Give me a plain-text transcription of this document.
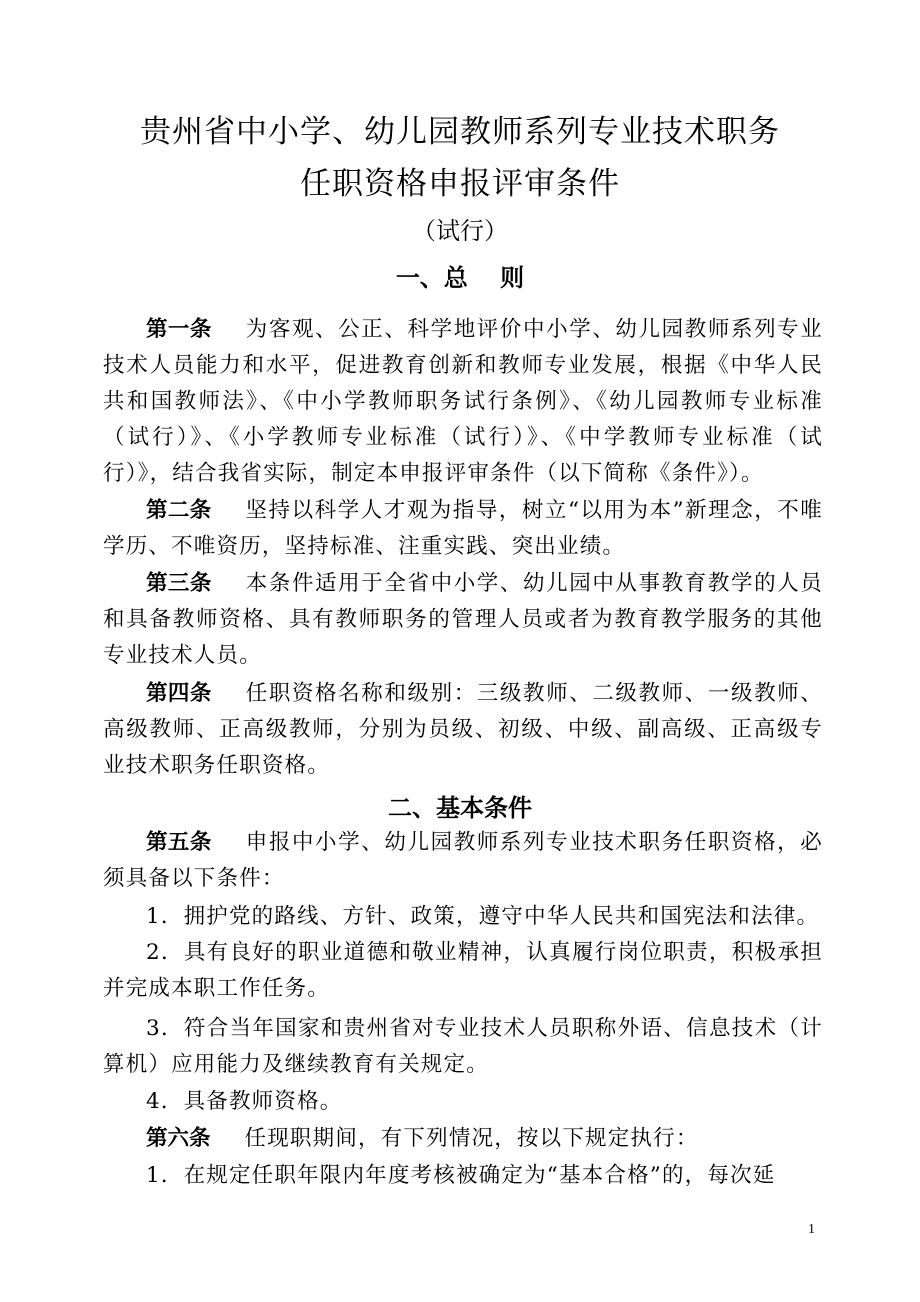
贵州省中小学、幼儿园教师系列专业技术职务
任职资格申报评审条件

（试行）

一、总　 则

第一条 为客观、公正、科学地评价中小学、幼儿园教师系列专业技术人员能力和水平，促进教育创新和教师专业发展，根据《中华人民共和国教师法》、《中小学教师职务试行条例》、《幼儿园教师专业标准（试行）》、《小学教师专业标准（试行）》、《中学教师专业标准（试行）》，结合我省实际，制定本申报评审条件（以下简称《条件》）。

第二条 坚持以科学人才观为指导，树立“以用为本”新理念，不唯学历、不唯资历，坚持标准、注重实践、突出业绩。

第三条 本条件适用于全省中小学、幼儿园中从事教育教学的人员和具备教师资格、具有教师职务的管理人员或者为教育教学服务的其他专业技术人员。

第四条 任职资格名称和级别：三级教师、二级教师、一级教师、高级教师、正高级教师，分别为员级、初级、中级、副高级、正高级专业技术职务任职资格。

二、基本条件

第五条 申报中小学、幼儿园教师系列专业技术职务任职资格，必须具备以下条件：

1．拥护党的路线、方针、政策，遵守中华人民共和国宪法和法律。

2．具有良好的职业道德和敬业精神，认真履行岗位职责，积极承担并完成本职工作任务。

3．符合当年国家和贵州省对专业技术人员职称外语、信息技术（计算机）应用能力及继续教育有关规定。

4．具备教师资格。

第六条 任现职期间，有下列情况，按以下规定执行：

1．在规定任职年限内年度考核被确定为“基本合格”的，每次延

1
